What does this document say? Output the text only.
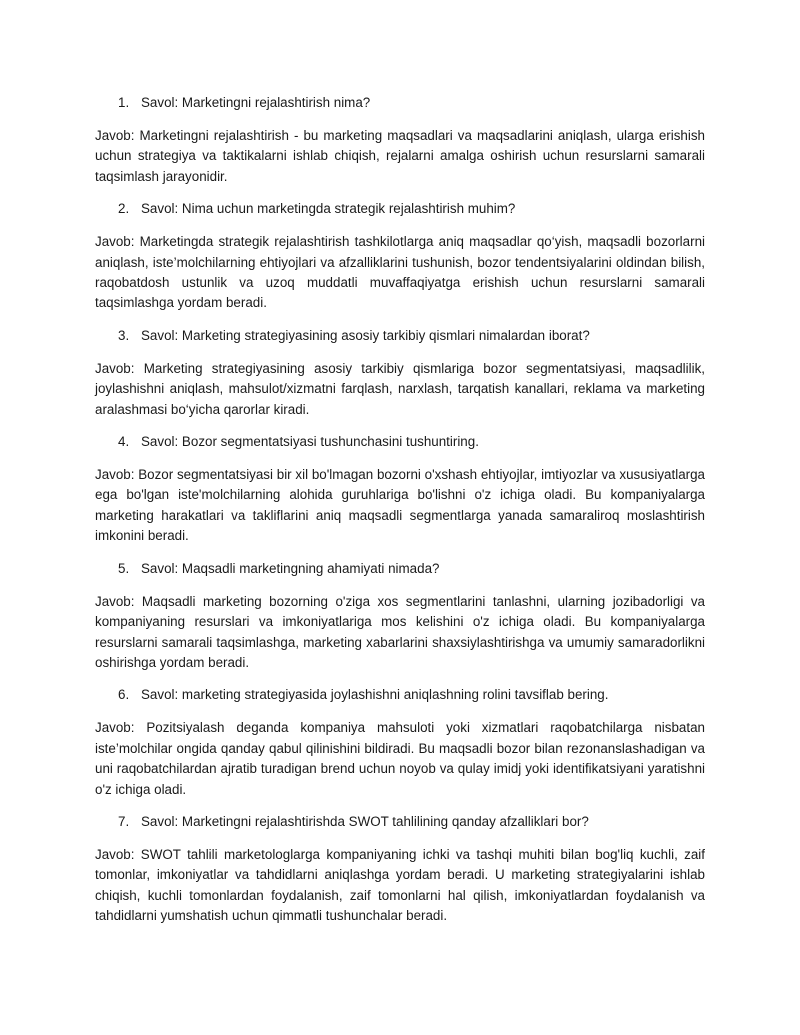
1. Savol: Marketingni rejalashtirish nima?

Javob: Marketingni rejalashtirish - bu marketing maqsadlari va maqsadlarini aniqlash, ularga erishish uchun strategiya va taktikalarni ishlab chiqish, rejalarni amalga oshirish uchun resurslarni samarali taqsimlash jarayonidir.

2. Savol: Nima uchun marketingda strategik rejalashtirish muhim?

Javob: Marketingda strategik rejalashtirish tashkilotlarga aniq maqsadlar qo‘yish, maqsadli bozorlarni aniqlash, iste’molchilarning ehtiyojlari va afzalliklarini tushunish, bozor tendentsiyalarini oldindan bilish, raqobatdosh ustunlik va uzoq muddatli muvaffaqiyatga erishish uchun resurslarni samarali taqsimlashga yordam beradi.

3. Savol: Marketing strategiyasining asosiy tarkibiy qismlari nimalardan iborat?

Javob: Marketing strategiyasining asosiy tarkibiy qismlariga bozor segmentatsiyasi, maqsadlilik, joylashishni aniqlash, mahsulot/xizmatni farqlash, narxlash, tarqatish kanallari, reklama va marketing aralashmasi bo‘yicha qarorlar kiradi.

4. Savol: Bozor segmentatsiyasi tushunchasini tushuntiring.

Javob: Bozor segmentatsiyasi bir xil bo'lmagan bozorni o'xshash ehtiyojlar, imtiyozlar va xususiyatlarga ega bo'lgan iste'molchilarning alohida guruhlariga bo'lishni o'z ichiga oladi. Bu kompaniyalarga marketing harakatlari va takliflarini aniq maqsadli segmentlarga yanada samaraliroq moslashtirish imkonini beradi.

5. Savol: Maqsadli marketingning ahamiyati nimada?

Javob: Maqsadli marketing bozorning o'ziga xos segmentlarini tanlashni, ularning jozibadorligi va kompaniyaning resurslari va imkoniyatlariga mos kelishini o'z ichiga oladi. Bu kompaniyalarga resurslarni samarali taqsimlashga, marketing xabarlarini shaxsiylashtirishga va umumiy samaradorlikni oshirishga yordam beradi.

6. Savol: marketing strategiyasida joylashishni aniqlashning rolini tavsiflab bering.

Javob: Pozitsiyalash deganda kompaniya mahsuloti yoki xizmatlari raqobatchilarga nisbatan iste’molchilar ongida qanday qabul qilinishini bildiradi. Bu maqsadli bozor bilan rezonanslashadigan va uni raqobatchilardan ajratib turadigan brend uchun noyob va qulay imidj yoki identifikatsiyani yaratishni o'z ichiga oladi.

7. Savol: Marketingni rejalashtirishda SWOT tahlilining qanday afzalliklari bor?

Javob: SWOT tahlili marketologlarga kompaniyaning ichki va tashqi muhiti bilan bog'liq kuchli, zaif tomonlar, imkoniyatlar va tahdidlarni aniqlashga yordam beradi. U marketing strategiyalarini ishlab chiqish, kuchli tomonlardan foydalanish, zaif tomonlarni hal qilish, imkoniyatlardan foydalanish va tahdidlarni yumshatish uchun qimmatli tushunchalar beradi.
